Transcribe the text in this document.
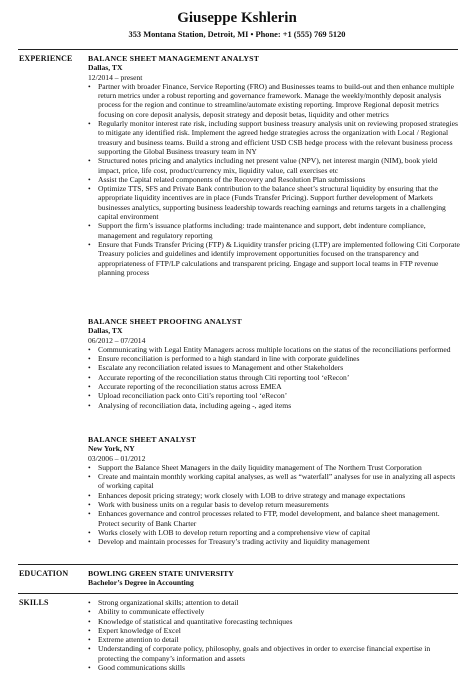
Giuseppe Kshlerin
353 Montana Station, Detroit, MI • Phone: +1 (555) 769 5120
EXPERIENCE BALANCE SHEET MANAGEMENT ANALYST
Dallas, TX
12/2014 – present
• Partner with broader Finance, Service Reporting (FRO) and Businesses teams to build-out and then enhance multiple return metrics under a robust reporting and governance framework. Manage the weekly/monthly deposit analysis process for the region and continue to streamline/automate existing reporting. Improve Regional deposit metrics focusing on core deposit analysis, deposit strategy and deposit betas, liquidity and other metrics
• Regularly monitor interest rate risk, including support business treasury analysis unit on reviewing proposed strategies to mitigate any identified risk. Implement the agreed hedge strategies across the organization with Local / Regional treasury and business teams. Build a strong and efficient USD CSB hedge process with the relevant business process supporting the Global Business treasury team in NY
• Structured notes pricing and analytics including net present value (NPV), net interest margin (NIM), book yield impact, price, life cost, product/currency mix, liquidity value, call exercises etc
• Assist the Capital related components of the Recovery and Resolution Plan submissions
• Optimize TTS, SFS and Private Bank contribution to the balance sheet’s structural liquidity by ensuring that the appropriate liquidity incentives are in place (Funds Transfer Pricing). Support further development of Markets businesses analytics, supporting business leadership towards reaching earnings and returns targets in a challenging capital environment
• Support the firm’s issuance platforms including: trade maintenance and support, debt indenture compliance, management and regulatory reporting
• Ensure that Funds Transfer Pricing (FTP) & Liquidity transfer pricing (LTP) are implemented following Citi Corporate Treasury policies and guidelines and identify improvement opportunities focused on the transparency and appropriateness of FTP/LP calculations and transparent pricing. Engage and support local teams in FTP revenue planning process
BALANCE SHEET PROOFING ANALYST
Dallas, TX
06/2012 – 07/2014
• Communicating with Legal Entity Managers across multiple locations on the status of the reconciliations performed
• Ensure reconciliation is performed to a high standard in line with corporate guidelines
• Escalate any reconciliation related issues to Management and other Stakeholders
• Accurate reporting of the reconciliation status through Citi reporting tool ‘eRecon’
• Accurate reporting of the reconciliation status across EMEA
• Upload reconciliation pack onto Citi’s reporting tool ‘eRecon’
• Analysing of reconciliation data, including ageing -, aged items
BALANCE SHEET ANALYST
New York, NY
03/2006 – 01/2012
• Support the Balance Sheet Managers in the daily liquidity management of The Northern Trust Corporation
• Create and maintain monthly working capital analyses, as well as “waterfall” analyses for use in analyzing all aspects of working capital
• Enhances deposit pricing strategy; work closely with LOB to drive strategy and manage expectations
• Work with business units on a regular basis to develop return measurements
• Enhances governance and control processes related to FTP, model development, and balance sheet management. Protect security of Bank Charter
• Works closely with LOB to develop return reporting and a comprehensive view of capital
• Develop and maintain processes for Treasury’s trading activity and liquidity management
EDUCATION	BOWLING GREEN STATE UNIVERSITY
Bachelor’s Degree in Accounting
SKILLS
•	Strong organizational skills; attention to detail
• Ability to communicate effectively
• Knowledge of statistical and quantitative forecasting techniques
• Expert knowledge of Excel
• Extreme attention to detail
• Understanding of corporate policy, philosophy, goals and objectives in order to exercise financial expertise in protecting the company’s information and assets
• Good communications skills
